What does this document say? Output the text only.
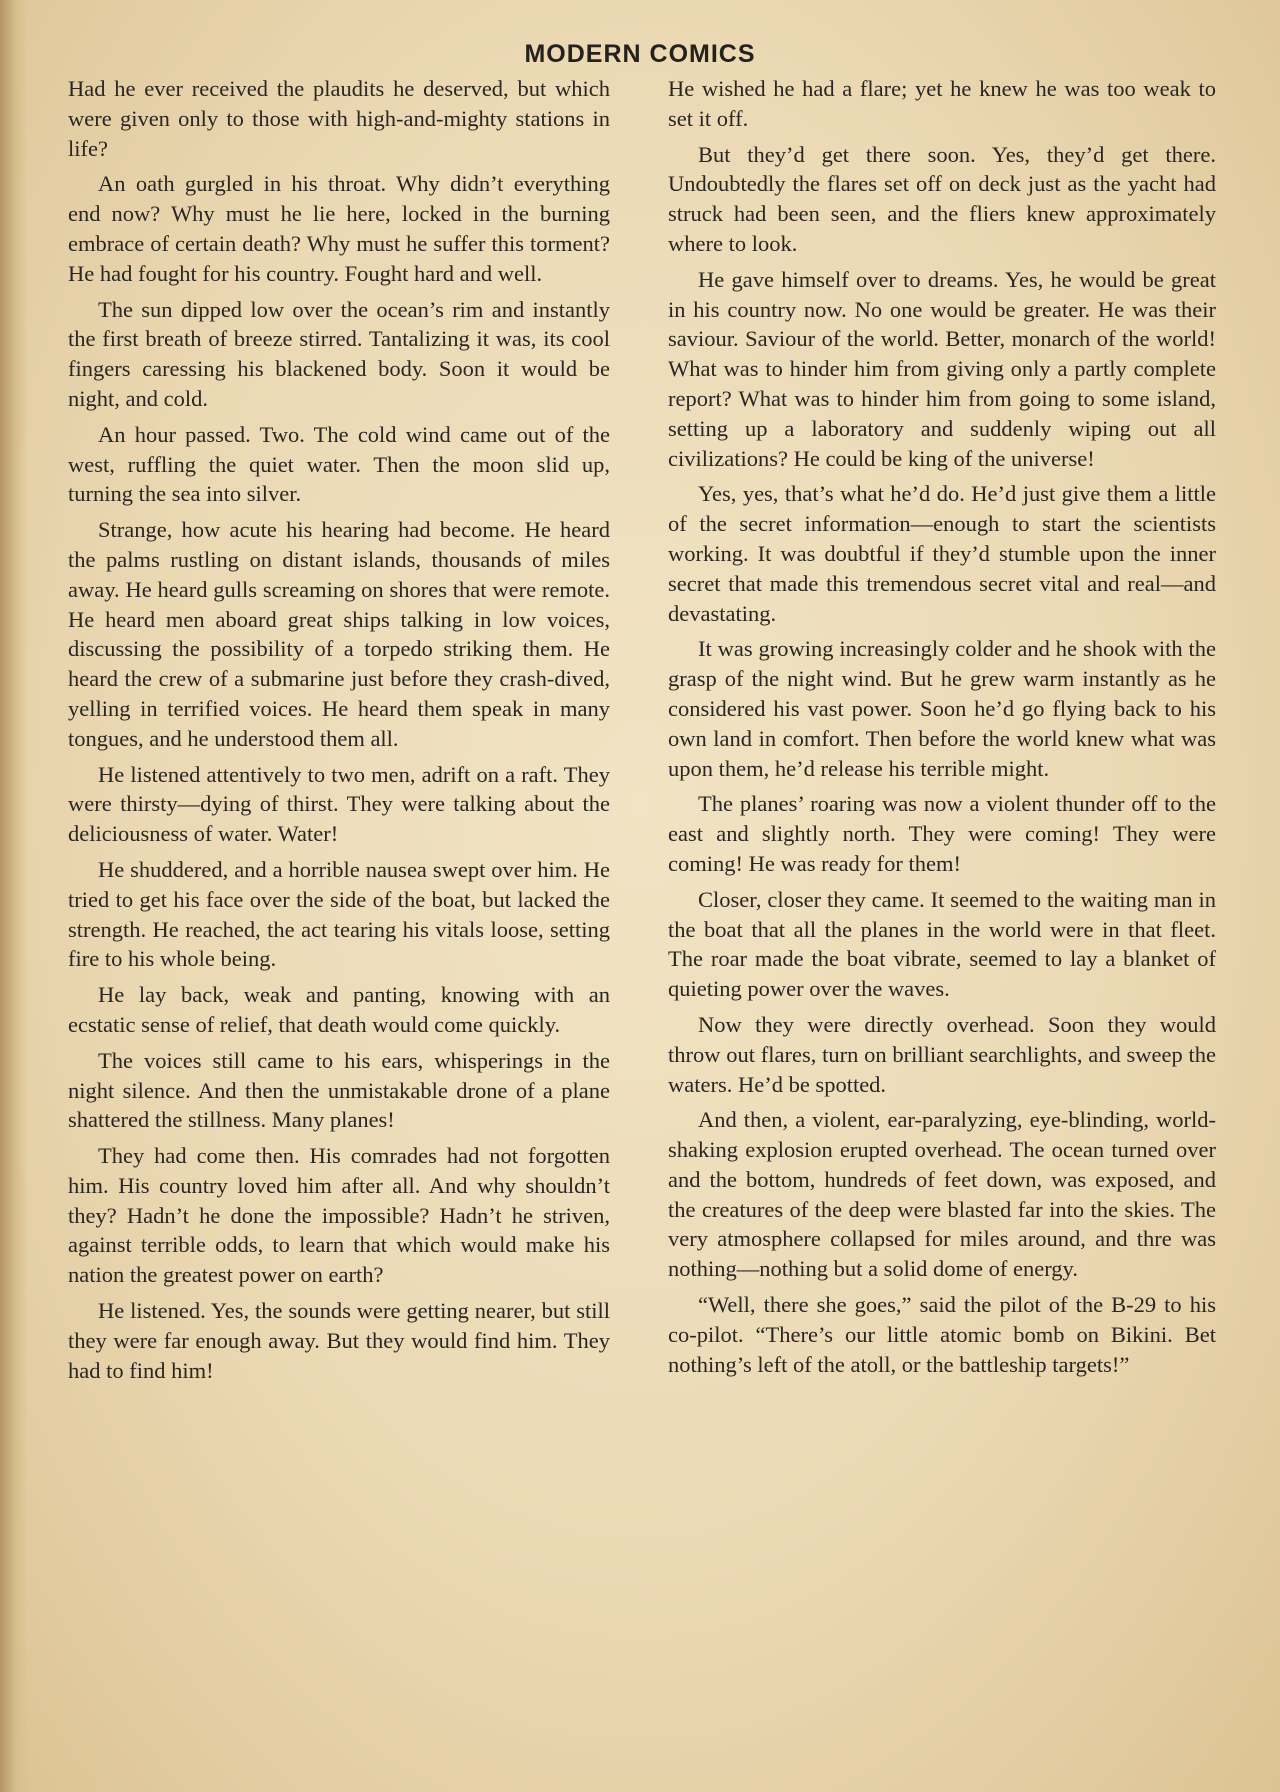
MODERN COMICS

Had he ever received the plaudits he deserved, but which were given only to those with high-and-mighty stations in life?

An oath gurgled in his throat. Why didn’t everything end now? Why must he lie here, locked in the burning embrace of certain death? Why must he suffer this torment? He had fought for his country. Fought hard and well.

The sun dipped low over the ocean’s rim and instantly the first breath of breeze stirred. Tantalizing it was, its cool fingers caressing his blackened body. Soon it would be night, and cold.

An hour passed. Two. The cold wind came out of the west, ruffling the quiet water. Then the moon slid up, turning the sea into silver.

Strange, how acute his hearing had become. He heard the palms rustling on distant islands, thousands of miles away. He heard gulls screaming on shores that were remote. He heard men aboard great ships talking in low voices, discussing the possibility of a torpedo striking them. He heard the crew of a submarine just before they crash-dived, yelling in terrified voices. He heard them speak in many tongues, and he understood them all.

He listened attentively to two men, adrift on a raft. They were thirsty—dying of thirst. They were talking about the deliciousness of water. Water!

He shuddered, and a horrible nausea swept over him. He tried to get his face over the side of the boat, but lacked the strength. He reached, the act tearing his vitals loose, setting fire to his whole being.

He lay back, weak and panting, knowing with an ecstatic sense of relief, that death would come quickly.

The voices still came to his ears, whisperings in the night silence. And then the unmistakable drone of a plane shattered the stillness. Many planes!

They had come then. His comrades had not forgotten him. His country loved him after all. And why shouldn’t they? Hadn’t he done the impossible? Hadn’t he striven, against terrible odds, to learn that which would make his nation the greatest power on earth?

He listened. Yes, the sounds were getting nearer, but still they were far enough away. But they would find him. They had to find him!

He wished he had a flare; yet he knew he was too weak to set it off.

But they’d get there soon. Yes, they’d get there. Undoubtedly the flares set off on deck just as the yacht had struck had been seen, and the fliers knew approximately where to look.

He gave himself over to dreams. Yes, he would be great in his country now. No one would be greater. He was their saviour. Saviour of the world. Better, monarch of the world! What was to hinder him from giving only a partly complete report? What was to hinder him from going to some island, setting up a laboratory and suddenly wiping out all civilizations? He could be king of the universe!

Yes, yes, that’s what he’d do. He’d just give them a little of the secret information—enough to start the scientists working. It was doubtful if they’d stumble upon the inner secret that made this tremendous secret vital and real—and devastating.

It was growing increasingly colder and he shook with the grasp of the night wind. But he grew warm instantly as he considered his vast power. Soon he’d go flying back to his own land in comfort. Then before the world knew what was upon them, he’d release his terrible might.

The planes’ roaring was now a violent thunder off to the east and slightly north. They were coming! They were coming! He was ready for them!

Closer, closer they came. It seemed to the waiting man in the boat that all the planes in the world were in that fleet. The roar made the boat vibrate, seemed to lay a blanket of quieting power over the waves.

Now they were directly overhead. Soon they would throw out flares, turn on brilliant searchlights, and sweep the waters. He’d be spotted.

And then, a violent, ear-paralyzing, eye-blinding, world-shaking explosion erupted overhead. The ocean turned over and the bottom, hundreds of feet down, was exposed, and the creatures of the deep were blasted far into the skies. The very atmosphere collapsed for miles around, and thre was nothing—nothing but a solid dome of energy.

“Well, there she goes,” said the pilot of the B-29 to his co-pilot. “There’s our little atomic bomb on Bikini. Bet nothing’s left of the atoll, or the battleship targets!”
